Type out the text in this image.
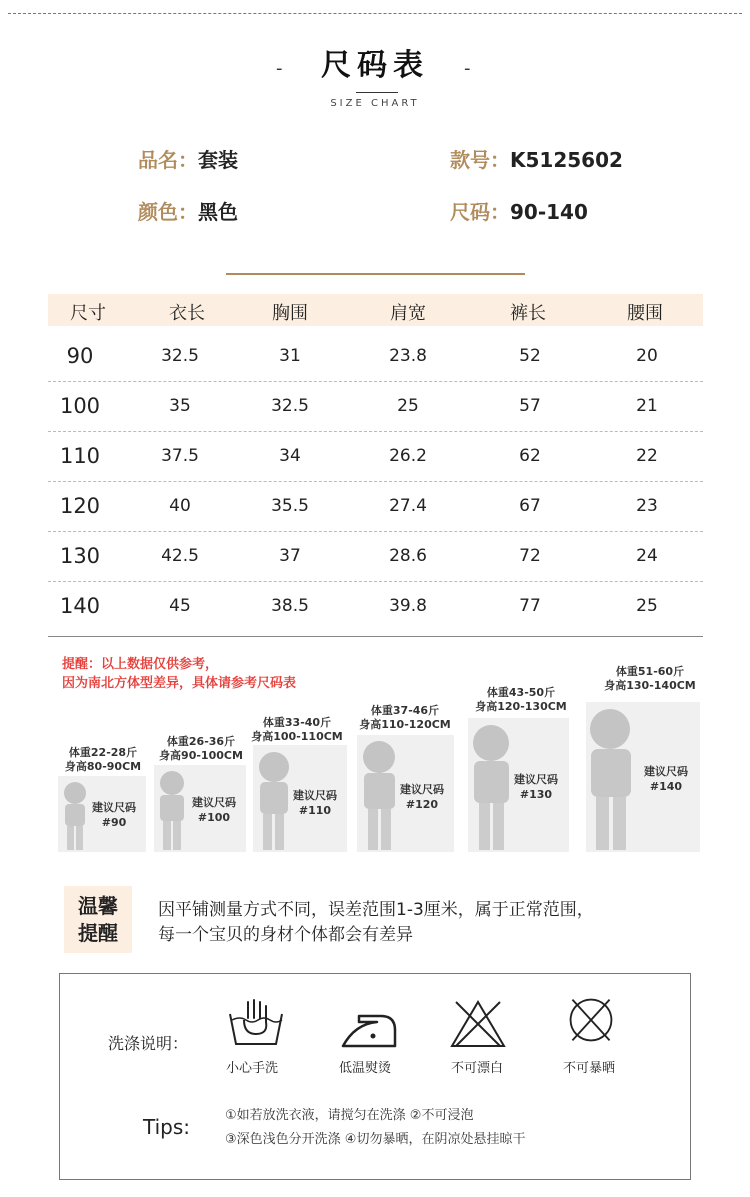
-	尺码表	-
SIZE CHART
品名：套装	款号：K5125602
颜色：黑色	尺码：90-140
尺寸	衣长	胸围	肩宽	裤长	腰围
90	32.5	31	23.8	52	20
100	35	32.5	25	57	21
110	37.5	34	26.2	62	22
120	40	35.5	27.4	67	23
130	42.5	37	28.6	72	24
140	45	38.5	39.8	77	25
提醒：以上数据仅供参考，
因为南北方体型差异，具体请参考尺码表
体重22-28斤
身高80-90CM
建议尺码
#90
体重26-36斤
身高90-100CM
建议尺码
#100
体重33-40斤
身高100-110CM
建议尺码
#110
体重37-46斤
身高110-120CM
建议尺码
#120
体重43-50斤
身高120-130CM
建议尺码
#130
体重51-60斤
身高130-140CM
建议尺码
#140
温馨
提醒
因平铺测量方式不同，误差范围1-3厘米，属于正常范围，
每一个宝贝的身材个体都会有差异
洗涤说明：
小心手洗	低温熨烫	不可漂白	不可暴晒
Tips:	①如若放洗衣液，请搅匀在洗涤 ②不可浸泡
③深色浅色分开洗涤 ④切勿暴晒，在阴凉处悬挂晾干
